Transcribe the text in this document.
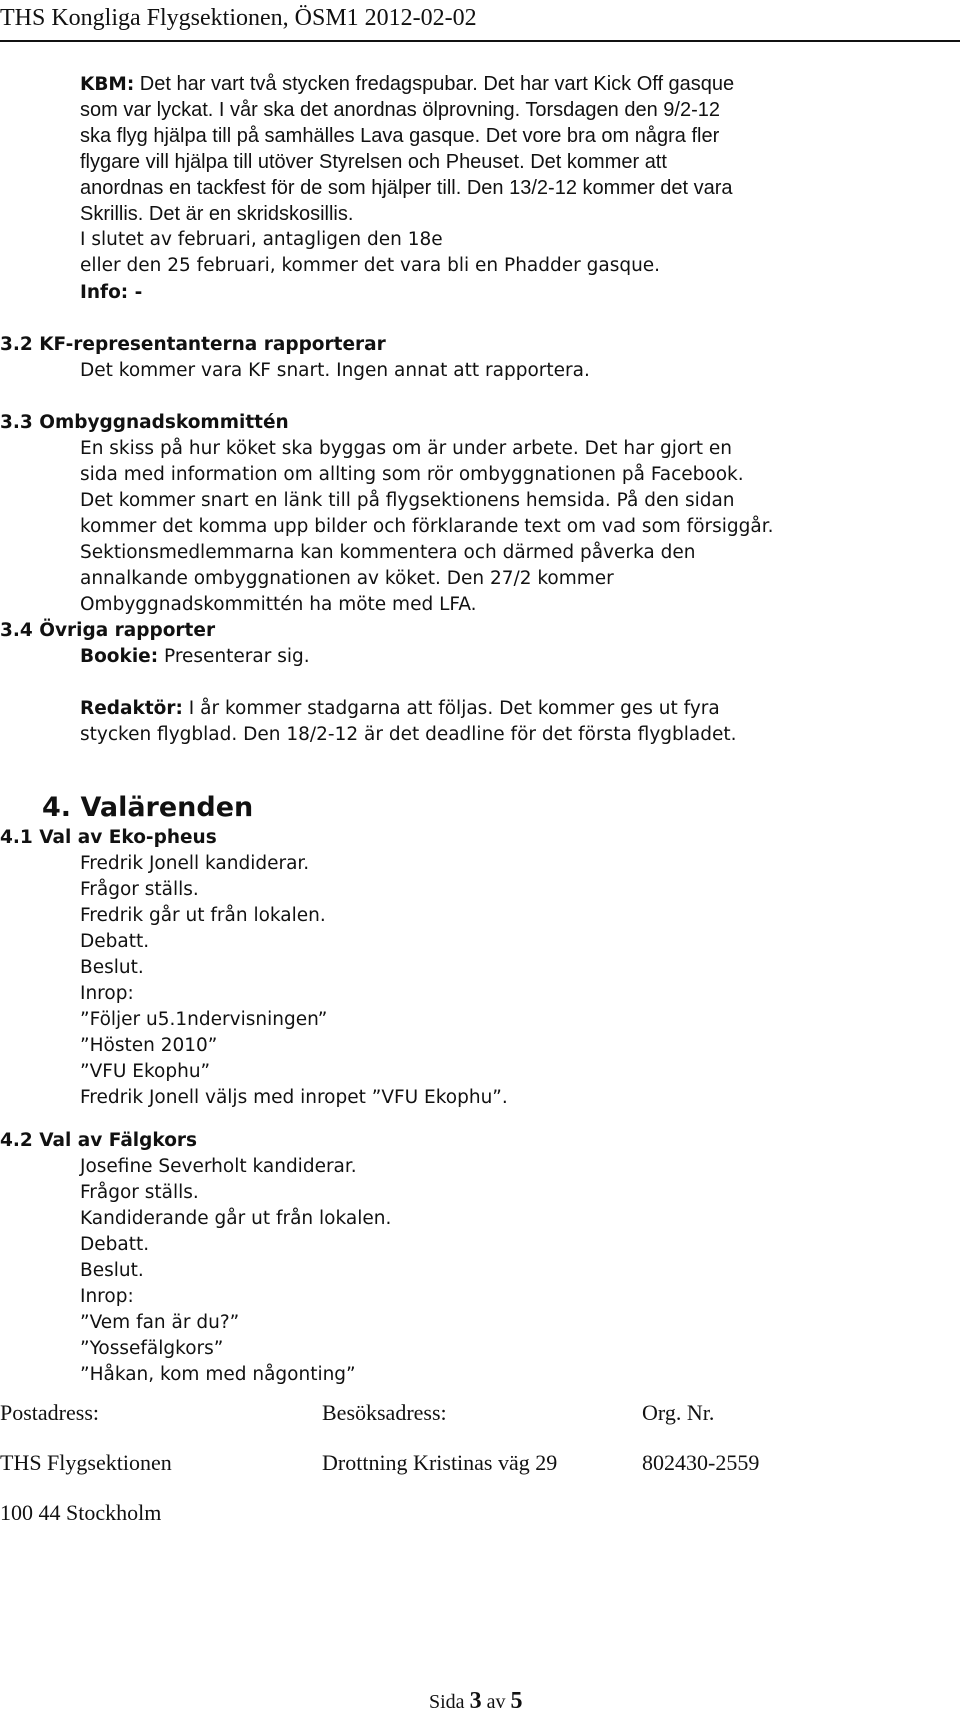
THS Kongliga Flygsektionen, ÖSM1 2012-02-02
KBM: Det har vart två stycken fredagspubar. Det har vart Kick Off gasque
som var lyckat. I vår ska det anordnas ölprovning. Torsdagen den 9/2-12
ska flyg hjälpa till på samhälles Lava gasque. Det vore bra om några fler
flygare vill hjälpa till utöver Styrelsen och Pheuset. Det kommer att
anordnas en tackfest för de som hjälper till. Den 13/2-12 kommer det vara
Skrillis. Det är en skridskosillis.
I slutet av februari, antagligen den 18e
eller den 25 februari, kommer det vara bli en Phadder gasque.
Info: -
3.2 KF-representanterna rapporterar
Det kommer vara KF snart. Ingen annat att rapportera.
3.3 Ombyggnadskommittén
En skiss på hur köket ska byggas om är under arbete. Det har gjort en
sida med information om allting som rör ombyggnationen på Facebook.
Det kommer snart en länk till på flygsektionens hemsida. På den sidan
kommer det komma upp bilder och förklarande text om vad som försiggår.
Sektionsmedlemmarna kan kommentera och därmed påverka den
annalkande ombyggnationen av köket. Den 27/2 kommer
Ombyggnadskommittén ha möte med LFA.
3.4 Övriga rapporter
Bookie: Presenterar sig.
Redaktör: I år kommer stadgarna att följas. Det kommer ges ut fyra
stycken flygblad. Den 18/2-12 är det deadline för det första flygbladet.
4. Valärenden
4.1 Val av Eko-pheus
Fredrik Jonell kandiderar.
Frågor ställs.
Fredrik går ut från lokalen.
Debatt.
Beslut.
Inrop:
”Följer u5.1ndervisningen”
”Hösten 2010”
”VFU Ekophu”
Fredrik Jonell väljs med inropet ”VFU Ekophu”.
4.2 Val av Fälgkors
Josefine Severholt kandiderar.
Frågor ställs.
Kandiderande går ut från lokalen.
Debatt.
Beslut.
Inrop:
”Vem fan är du?”
”Yossefälgkors”
”Håkan, kom med någonting”
Postadress:	Besöksadress:	Org. Nr.
THS Flygsektionen	Drottning Kristinas väg 29	802430-2559
100 44 Stockholm
Sida 3 av 5
